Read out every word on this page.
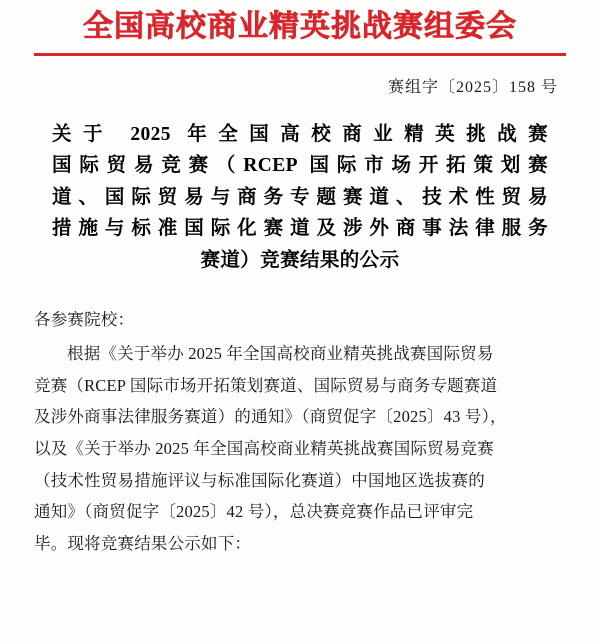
全国高校商业精英挑战赛组委会
赛组字〔2025〕158 号
关于 2025 年全国高校商业精英挑战赛
国际贸易竞赛（RCEP 国际市场开拓策划赛
道、国际贸易与商务专题赛道、技术性贸易
措施与标准国际化赛道及涉外商事法律服务
赛道）竞赛结果的公示
各参赛院校：
根据《关于举办 2025 年全国高校商业精英挑战赛国际贸易
竞赛（RCEP 国际市场开拓策划赛道、国际贸易与商务专题赛道
及涉外商事法律服务赛道）的通知》（商贸促字〔2025〕43 号），
以及《关于举办 2025 年全国高校商业精英挑战赛国际贸易竞赛
（技术性贸易措施评议与标准国际化赛道）中国地区选拔赛的
通知》（商贸促字〔2025〕42 号），总决赛竞赛作品已评审完
毕。现将竞赛结果公示如下：
